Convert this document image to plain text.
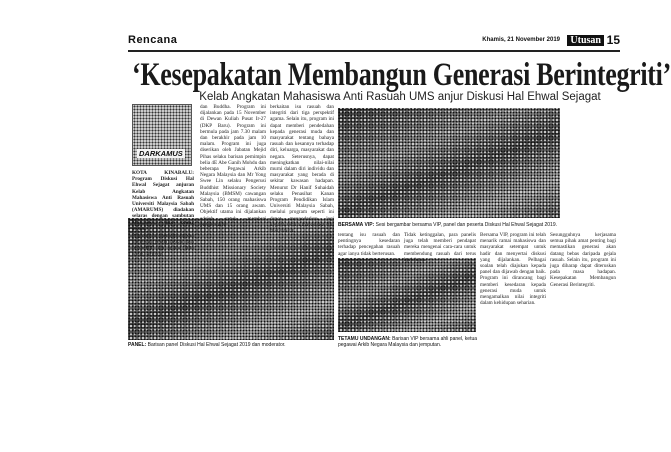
Rencana	Khamis, 21 November 2019	Utusan 15
‘Kesepakatan Membangun Generasi Berintegriti’
Kelab Angkatan Mahasiswa Anti Rasuah UMS anjur Diskusi Hal Ehwal Sejagat
DARKAMUS
BERSAMA VIP: Sesi bergambar bersama VIP, panel dan peserta Diskusi Hal Ehwal Sejagat 2019.
PANEL: Barisan panel Diskusi Hal Ehwal Sejagat 2019 dan moderator.
TETAMU UNDANGAN: Barisan VIP bersama ahli panel, ketua pegawai Arkib Negara Malaysia dan jemputan.

KOTA KINABALU: Program Diskusi Hal Ehwal Sejagat anjuran Kelab Angkatan Mahasiswa Anti Rasuah Universiti Malaysia Sabah (AMARUMS) diadakan selaras dengan sambutan Mahasiswa dan orang awam.

Program ini membincangkan mengenai gejala rasuah dari perspektif tiga agama iaitu Islam, Kristian

dan Buddha. Program ini dijalankan pada 15 November di Dewan Kuliah Pusat Ir-27 (DKP Baru). Program ini bermula pada jam 7.30 malam dan berakhir pada jam 10 malam. Program ini juga diserikan oleh Jabatan Mejid Pihas selaku barisan pemimpin belia 4E Abe Ganih Mohdu dan beberapa Pegawai Arkib Negara Malaysia dan Mr Yong Swee Lin selaku Pengerusi Buddhist Missionary Society Malaysia (BMSM) cawangan Sabah, 150 orang mahasiswa UMS dan 15 orang awam. Objektif utama ini dijalankan adalah untuk memberi pengetahuan

berkaitan isu rasuah dan integriti dari tiga perspektif agama. Selain itu, program ini dapat memberi pendedahan kepada generasi muda dan masyarakat tentang bahaya rasuah dan kesannya terhadap diri, keluarga, masyarakat dan negara. Seterusnya, dapat meningkatkan nilai-nilai murni dalam diri individu dan masyarakat yang berada di sekitar kawasan hadapan. Menurut Dr Hanif Suhaidah selaku Penasihat Kanan Program Pendidikan Islam Universiti Malaysia Sabah, melalui program seperti ini dapat menyedarkan lagi kepada semua mahasiswa dan masyarakat

tentang isu rasuah dan pentingnya kesedaran terhadap pencegahan rasuah agar ianya tidak berterusan.

Tidak ketinggalan, para panelis juga telah memberi pendapat mereka mengenai cara-cara untuk membendung rasuah dari terus berleluasa.

Bersama VIP, program ini telah menarik ramai mahasiswa dan masyarakat setempat untuk hadir dan menyertai diskusi yang dijalankan. Pelbagai soalan telah diajukan kepada panel dan dijawab dengan baik. Program ini dirancang bagi memberi kesedaran kepada generasi muda untuk mengamalkan nilai integriti dalam kehidupan seharian.

Sesungguhnya kerjasama semua pihak amat penting bagi memastikan generasi akan datang bebas daripada gejala rasuah. Selain itu, program ini juga diharap dapat diteruskan pada masa hadapan. Kesepakatan Membangun Generasi Berintegriti.
